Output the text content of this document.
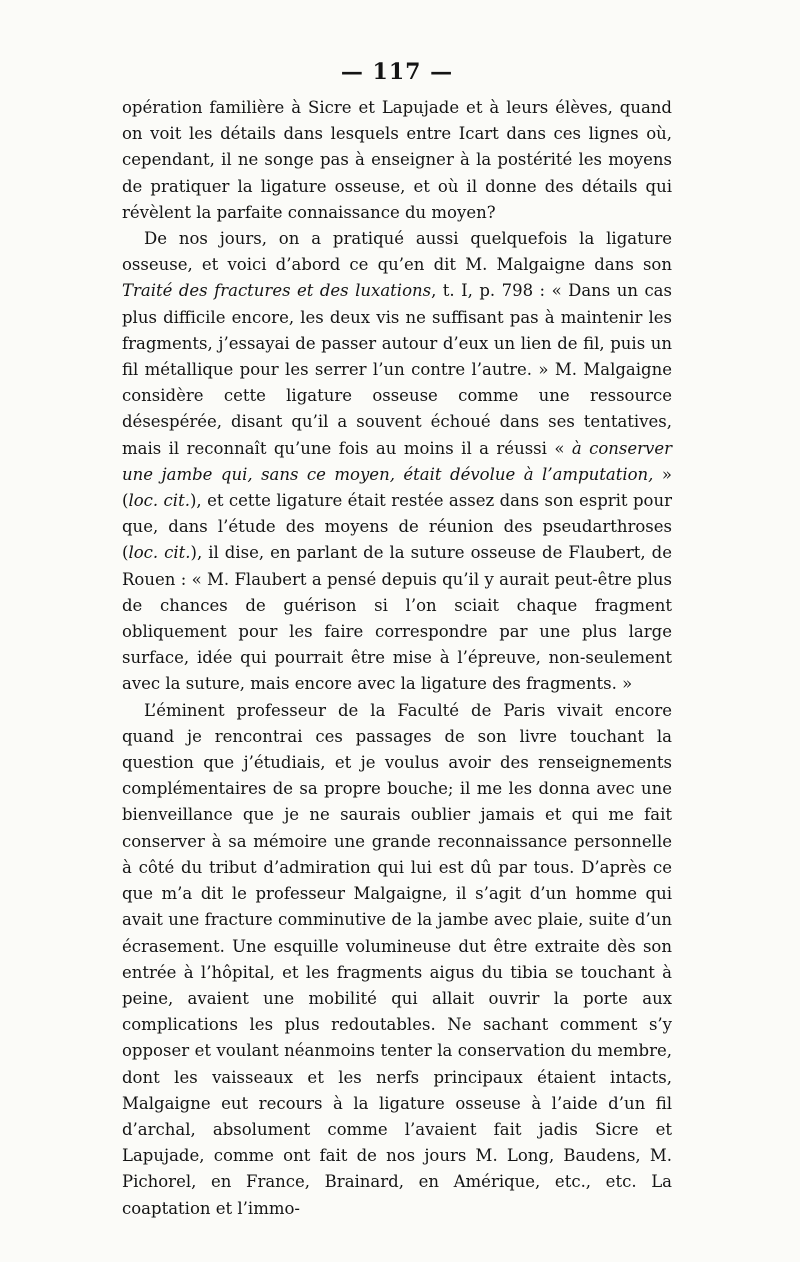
— 117 —

opération familière à Sicre et Lapujade et à leurs élèves, quand on voit les détails dans lesquels entre Icart dans ces lignes où, cependant, il ne songe pas à enseigner à la postérité les moyens de pratiquer la ligature osseuse, et où il donne des détails qui révèlent la parfaite connaissance du moyen?

De nos jours, on a pratiqué aussi quelquefois la ligature osseuse, et voici d’abord ce qu’en dit M. Malgaigne dans son Traité des fractures et des luxations, t. I, p. 798 : « Dans un cas plus difficile encore, les deux vis ne suffisant pas à maintenir les fragments, j’essayai de passer autour d’eux un lien de fil, puis un fil métallique pour les serrer l’un contre l’autre. » M. Malgaigne considère cette ligature osseuse comme une ressource désespérée, disant qu’il a souvent échoué dans ses tentatives, mais il reconnaît qu’une fois au moins il a réussi « à conserver une jambe qui, sans ce moyen, était dévolue à l’amputation, » (loc. cit.), et cette ligature était restée assez dans son esprit pour que, dans l’étude des moyens de réunion des pseudarthroses (loc. cit.), il dise, en parlant de la suture osseuse de Flaubert, de Rouen : « M. Flaubert a pensé depuis qu’il y aurait peut-être plus de chances de guérison si l’on sciait chaque fragment obliquement pour les faire correspondre par une plus large surface, idée qui pourrait être mise à l’épreuve, non-seulement avec la suture, mais encore avec la ligature des fragments. »

L’éminent professeur de la Faculté de Paris vivait encore quand je rencontrai ces passages de son livre touchant la question que j’étudiais, et je voulus avoir des renseignements complémentaires de sa propre bouche; il me les donna avec une bienveillance que je ne saurais oublier jamais et qui me fait conserver à sa mémoire une grande reconnaissance personnelle à côté du tribut d’admiration qui lui est dû par tous. D’après ce que m’a dit le professeur Malgaigne, il s’agit d’un homme qui avait une fracture comminutive de la jambe avec plaie, suite d’un écrasement. Une esquille volumineuse dut être extraite dès son entrée à l’hôpital, et les fragments aigus du tibia se touchant à peine, avaient une mobilité qui allait ouvrir la porte aux complications les plus redoutables. Ne sachant comment s’y opposer et voulant néanmoins tenter la conservation du membre, dont les vaisseaux et les nerfs principaux étaient intacts, Malgaigne eut recours à la ligature osseuse à l’aide d’un fil d’archal, absolument comme l’avaient fait jadis Sicre et Lapujade, comme ont fait de nos jours M. Long, Baudens, M. Pichorel, en France, Brainard, en Amérique, etc., etc. La coaptation et l’immo-
